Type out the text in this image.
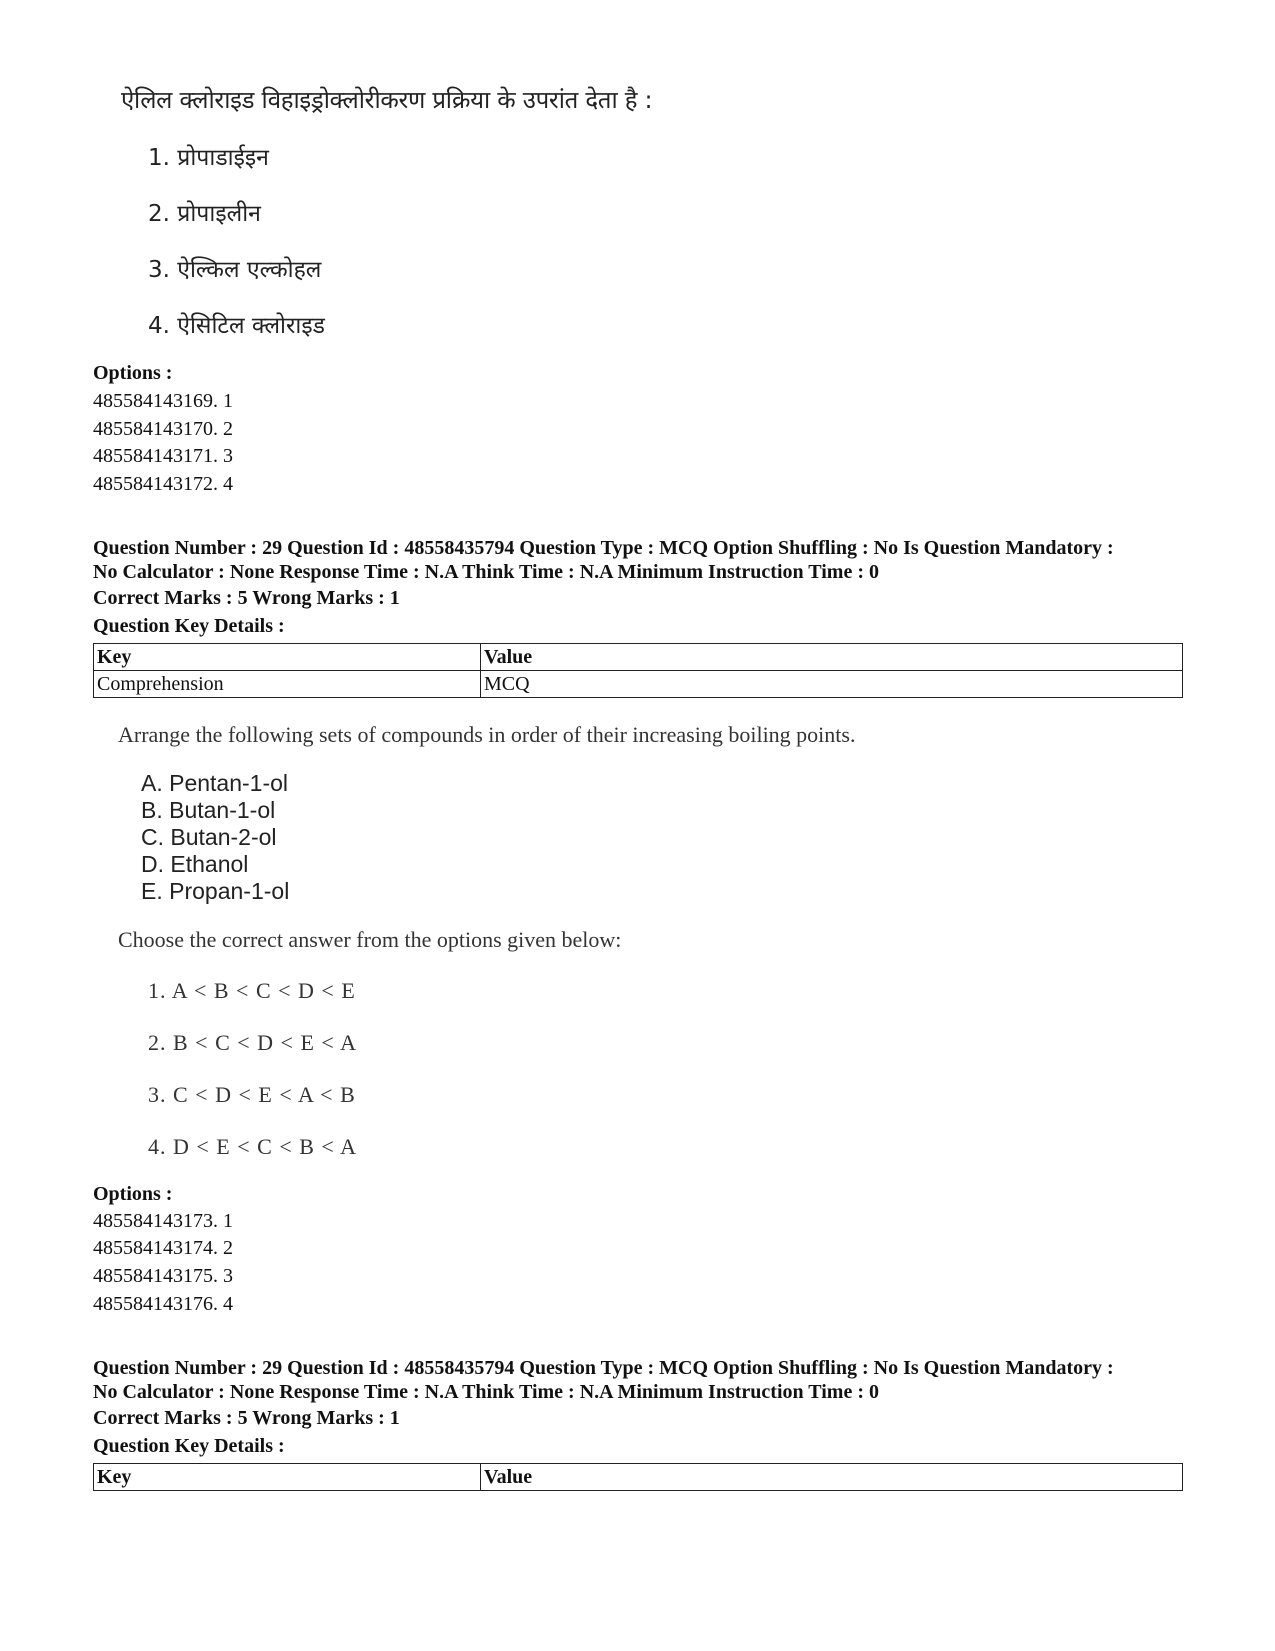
ऐलिल क्लोराइड विहाइड्रोक्लोरीकरण प्रक्रिया के उपरांत देता है :
1. प्रोपाडाईइन
2. प्रोपाइलीन
3. ऐल्किल एल्कोहल
4. ऐसिटिल क्लोराइड
Options :
485584143169. 1
485584143170. 2
485584143171. 3
485584143172. 4
Question Number : 29 Question Id : 48558435794 Question Type : MCQ Option Shuffling : No Is Question Mandatory :
No Calculator : None Response Time : N.A Think Time : N.A Minimum Instruction Time : 0
Correct Marks : 5 Wrong Marks : 1
Question Key Details :
Key	Value
Comprehension	MCQ
Arrange the following sets of compounds in order of their increasing boiling points.
A. Pentan-1-ol
B. Butan-1-ol
C. Butan-2-ol
D. Ethanol
E. Propan-1-ol
Choose the correct answer from the options given below:
1. A < B < C < D < E
2. B < C < D < E < A
3. C < D < E < A < B
4. D < E < C < B < A
Options :
485584143173. 1
485584143174. 2
485584143175. 3
485584143176. 4
Question Number : 29 Question Id : 48558435794 Question Type : MCQ Option Shuffling : No Is Question Mandatory :
No Calculator : None Response Time : N.A Think Time : N.A Minimum Instruction Time : 0
Correct Marks : 5 Wrong Marks : 1
Question Key Details :
Key	Value
